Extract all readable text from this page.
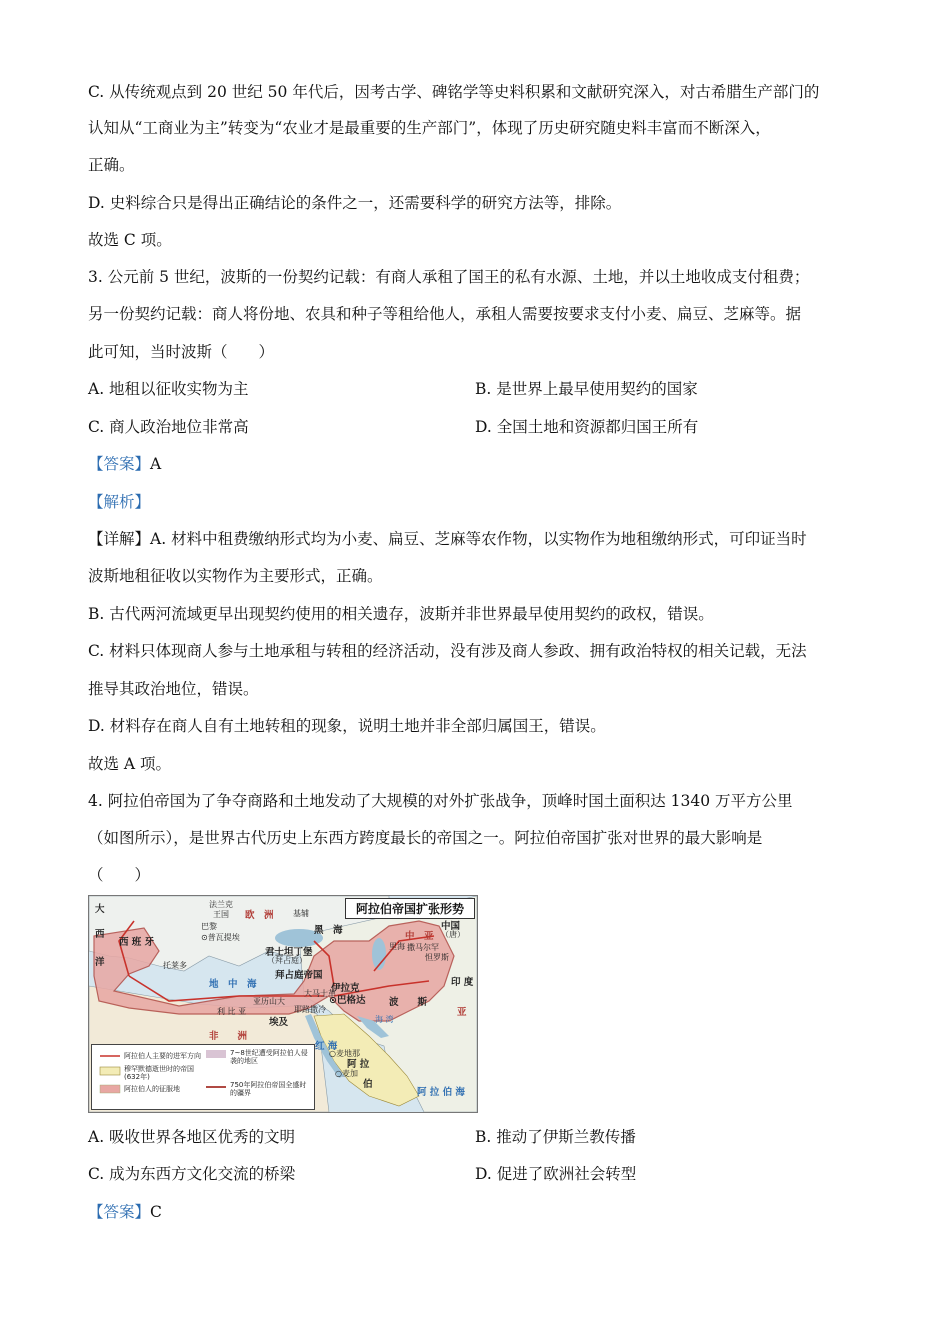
C. 从传统观点到 20 世纪 50 年代后，因考古学、碑铭学等史料积累和文献研究深入，对古希腊生产部门的
认知从“工商业为主”转变为“农业才是最重要的生产部门”，体现了历史研究随史料丰富而不断深入，
正确。
D. 史料综合只是得出正确结论的条件之一，还需要科学的研究方法等，排除。
故选 C 项。
3. 公元前 5 世纪，波斯的一份契约记载：有商人承租了国王的私有水源、土地，并以土地收成支付租费；
另一份契约记载：商人将份地、农具和种子等租给他人，承租人需要按要求支付小麦、扁豆、芝麻等。据
此可知，当时波斯（　　）
A. 地租以征收实物为主	B. 是世界上最早使用契约的国家
C. 商人政治地位非常高	D. 全国土地和资源都归国王所有
【答案】A
【解析】
【详解】A. 材料中租费缴纳形式均为小麦、扁豆、芝麻等农作物，以实物作为地租缴纳形式，可印证当时
波斯地租征收以实物作为主要形式，正确。
B. 古代两河流域更早出现契约使用的相关遗存，波斯并非世界最早使用契约的政权，错误。
C. 材料只体现商人参与土地承租与转租的经济活动，没有涉及商人参政、拥有政治特权的相关记载，无法
推导其政治地位，错误。
D. 材料存在商人自有土地转租的现象，说明土地并非全部归属国王，错误。
故选 A 项。
4. 阿拉伯帝国为了争夺商路和土地发动了大规模的对外扩张战争，顶峰时国土面积达 1340 万平方公里
（如图所示），是世界古代历史上东西方跨度最长的帝国之一。阿拉伯帝国扩张对世界的最大影响是
（　　）
阿拉伯帝国扩张形势
法兰克
王国 欧　洲 基辅
大
西
洋
西 班 牙
巴黎
⊙普瓦提埃
托莱多
君士坦丁堡
（拜占庭）
拜占庭帝国
黑　海
里海
地　中　海
亚历山大
利 比 亚	耶路撒冷
大马士革
埃及
伊拉克
⊙巴格达 波　　斯
海 湾
印 度
亚
中　亚
中国
（唐）
撒马尔罕
怛罗斯
非　　洲
红 海
○麦地那
○麦加
阿 拉
伯
阿 拉 伯 海
阿拉伯人主要的进军方向
穆罕默德逝世时的帝国(632年)
阿拉伯人的征服地
7~8世纪遭受阿拉伯人侵袭的地区
750年阿拉伯帝国全盛时的疆界
A. 吸收世界各地区优秀的文明	B. 推动了伊斯兰教传播
C. 成为东西方文化交流的桥梁	D. 促进了欧洲社会转型
【答案】C
